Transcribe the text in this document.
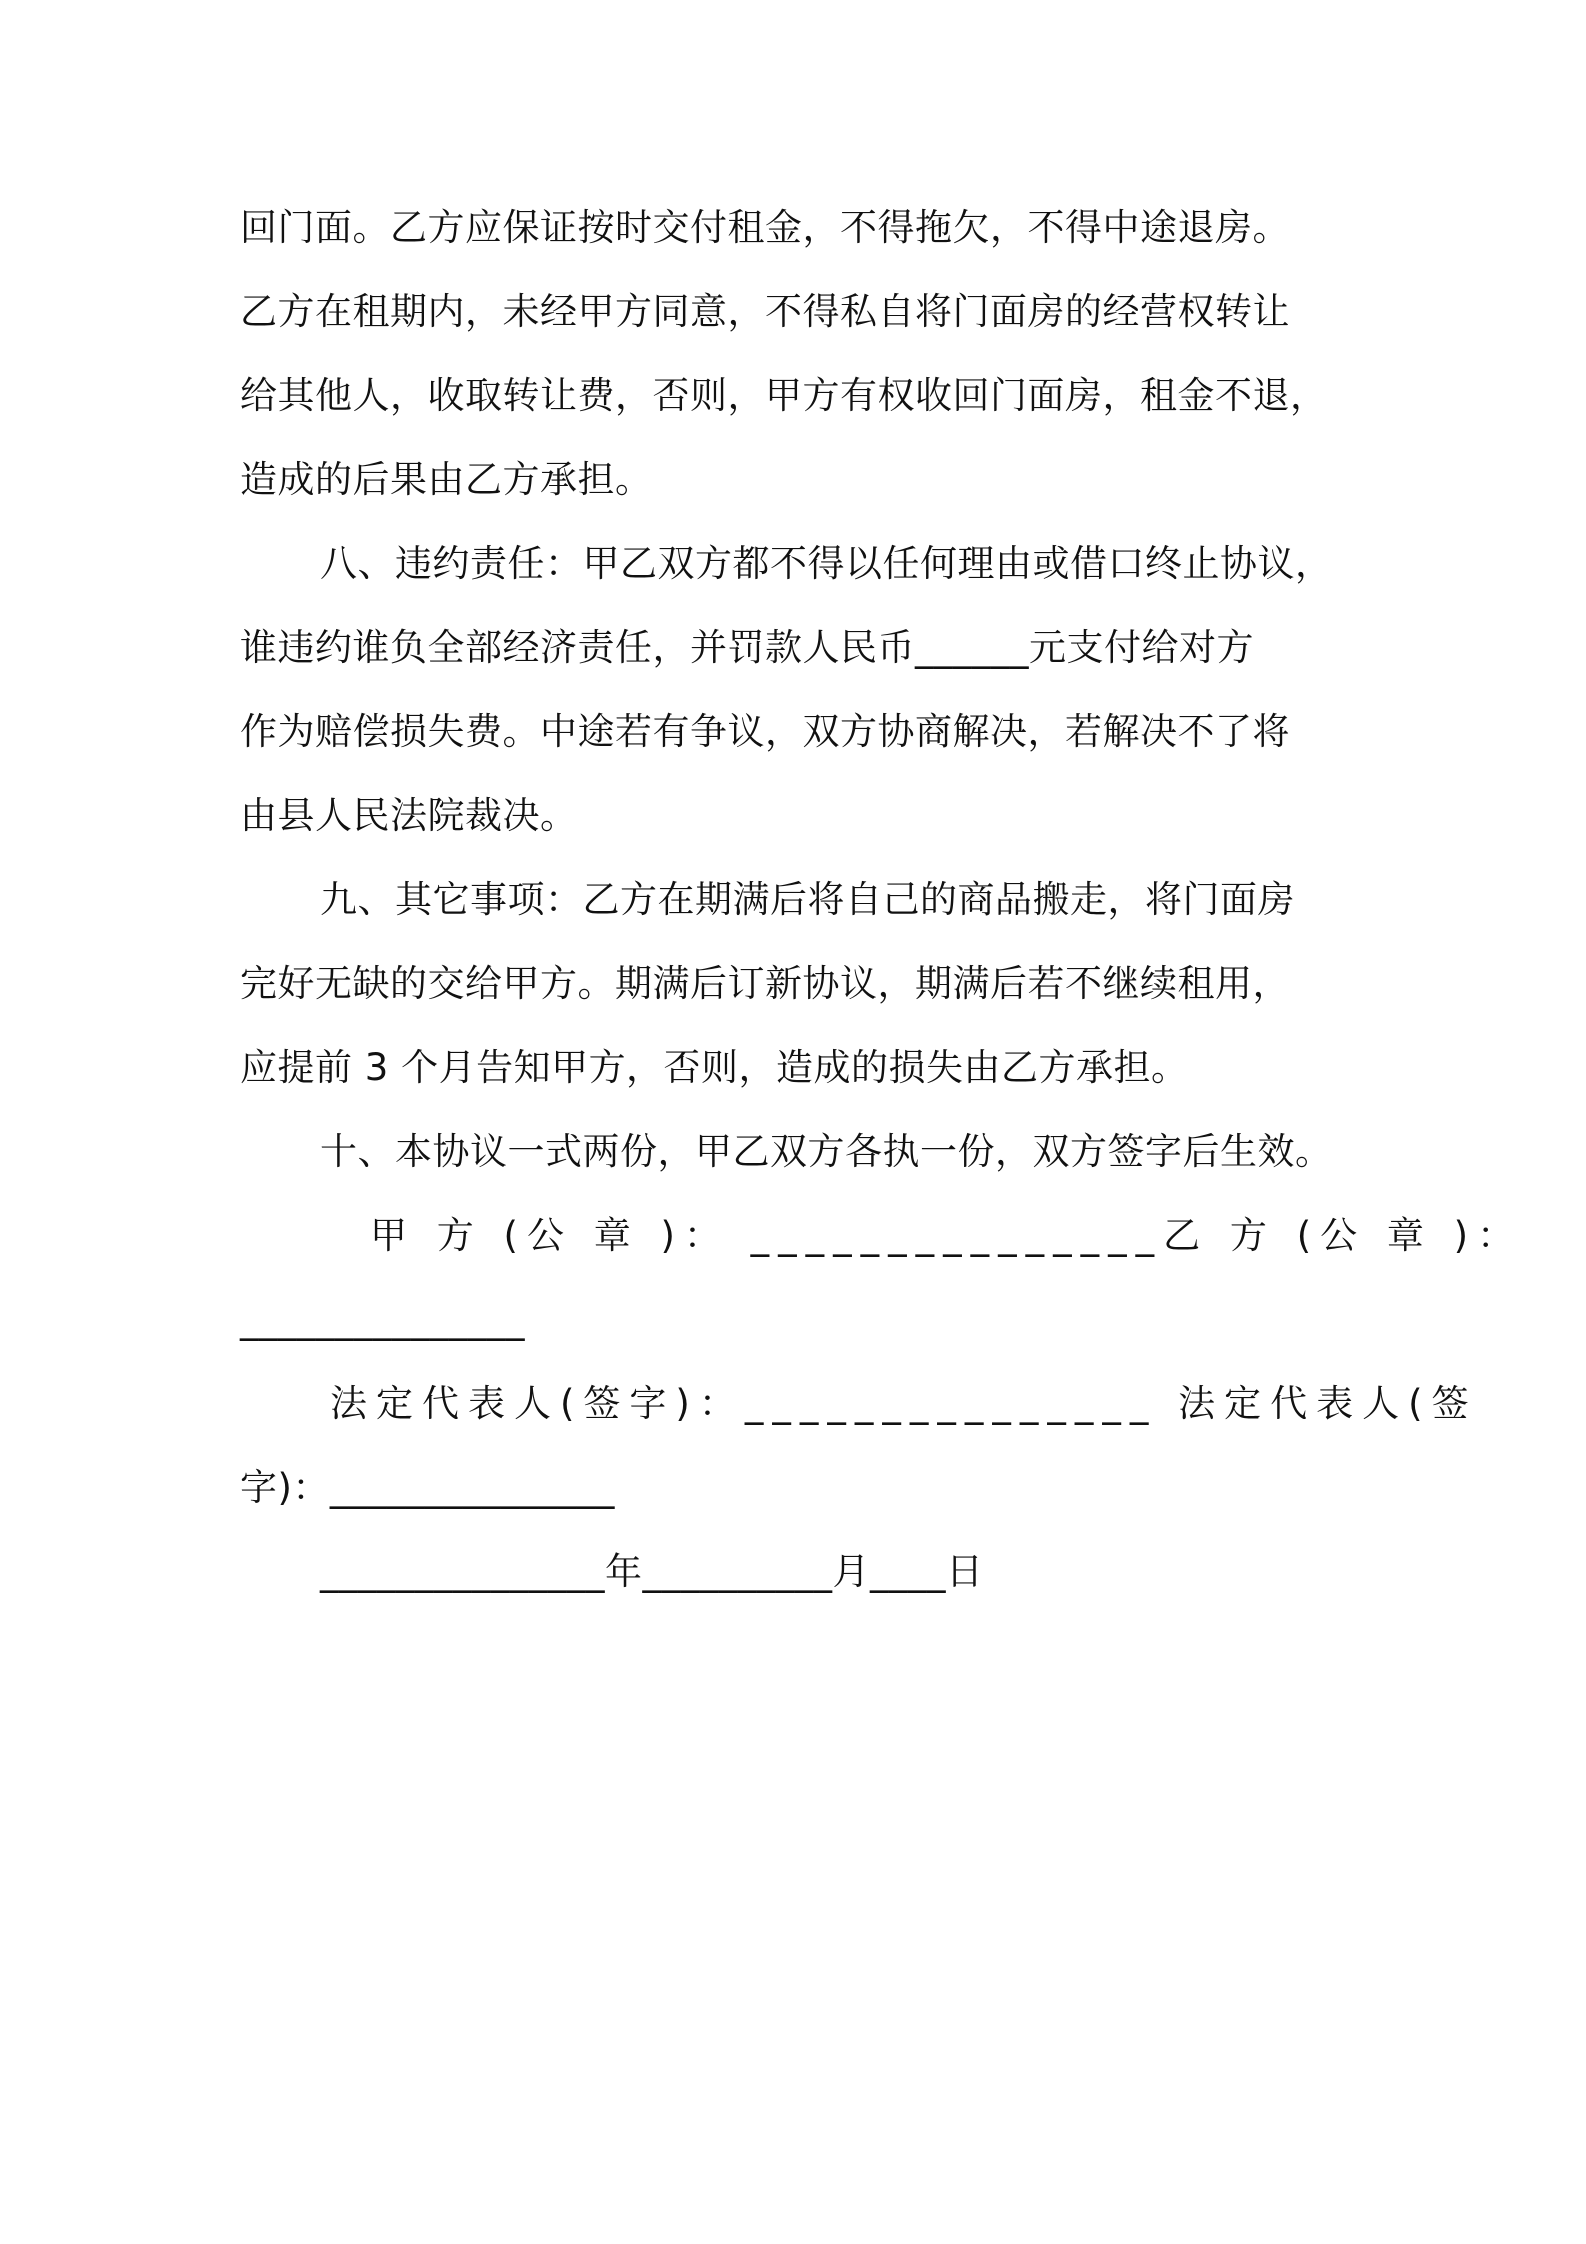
回门面。乙方应保证按时交付租金，不得拖欠，不得中途退房。
乙方在租期内，未经甲方同意，不得私自将门面房的经营权转让
给其他人，收取转让费，否则，甲方有权收回门面房，租金不退，
造成的后果由乙方承担。
八、违约责任：甲乙双方都不得以任何理由或借口终止协议，
谁违约谁负全部经济责任，并罚款人民币______元支付给对方
作为赔偿损失费。中途若有争议，双方协商解决，若解决不了将
由县人民法院裁决。
九、其它事项：乙方在期满后将自己的商品搬走，将门面房
完好无缺的交给甲方。期满后订新协议，期满后若不继续租用，
应提前 3 个月告知甲方，否则，造成的损失由乙方承担。
十、本协议一式两份，甲乙双方各执一份，双方签字后生效。
甲 方 (公 章 )： _______________乙 方 (公 章 )：
_______________
法定代表人(签字)：_______________ 法定代表人(签
字)：_______________
_______________年__________月____日
